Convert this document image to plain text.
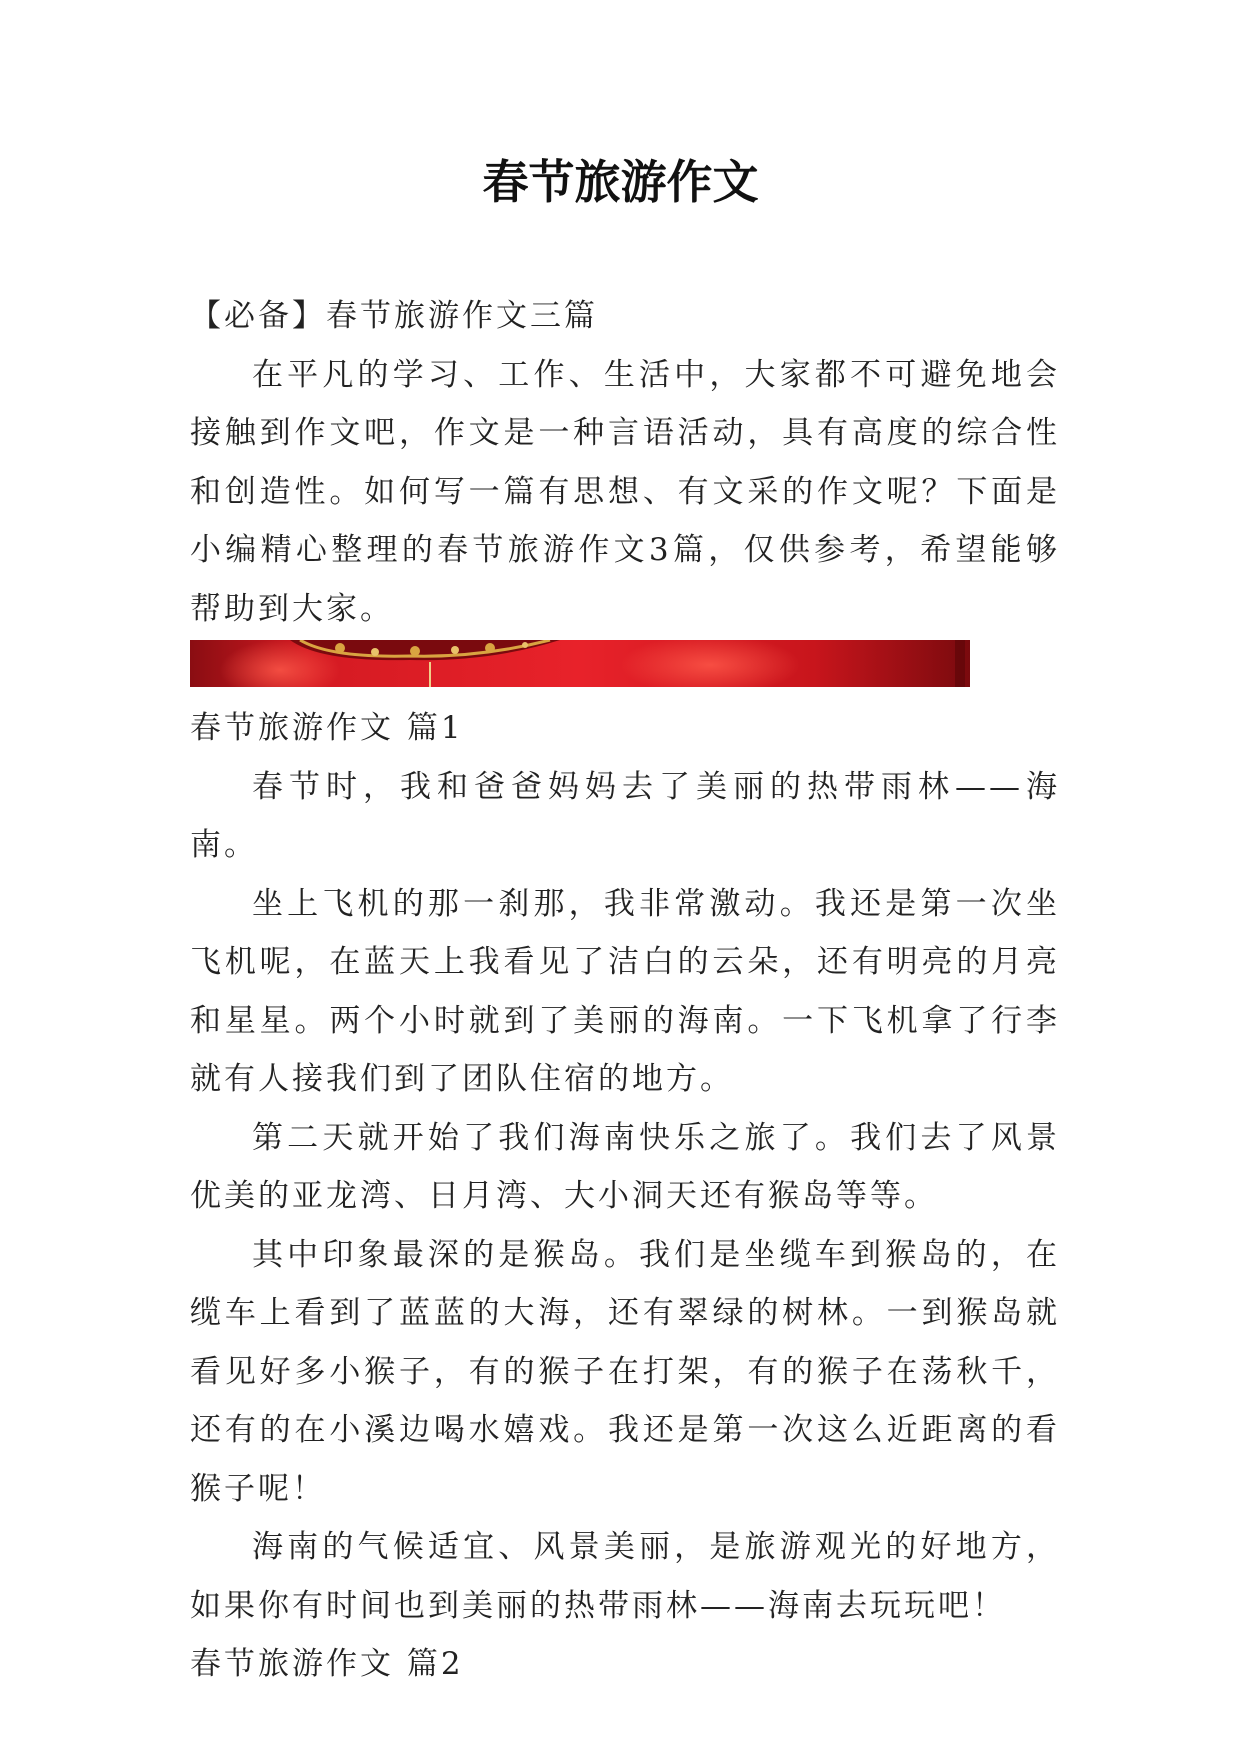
春节旅游作文

【必备】春节旅游作文三篇

在平凡的学习、工作、生活中，大家都不可避免地会接触到作文吧，作文是一种言语活动，具有高度的综合性和创造性。如何写一篇有思想、有文采的作文呢？下面是小编精心整理的春节旅游作文3篇，仅供参考，希望能够帮助到大家。

春节旅游作文 篇1

春节时，我和爸爸妈妈去了美丽的热带雨林——海南。

坐上飞机的那一刹那，我非常激动。我还是第一次坐飞机呢，在蓝天上我看见了洁白的云朵，还有明亮的月亮和星星。两个小时就到了美丽的海南。一下飞机拿了行李就有人接我们到了团队住宿的地方。

第二天就开始了我们海南快乐之旅了。我们去了风景优美的亚龙湾、日月湾、大小洞天还有猴岛等等。

其中印象最深的是猴岛。我们是坐缆车到猴岛的，在缆车上看到了蓝蓝的大海，还有翠绿的树林。一到猴岛就看见好多小猴子，有的猴子在打架，有的猴子在荡秋千，还有的在小溪边喝水嬉戏。我还是第一次这么近距离的看猴子呢！

海南的气候适宜、风景美丽，是旅游观光的好地方，如果你有时间也到美丽的热带雨林——海南去玩玩吧！

春节旅游作文 篇2
